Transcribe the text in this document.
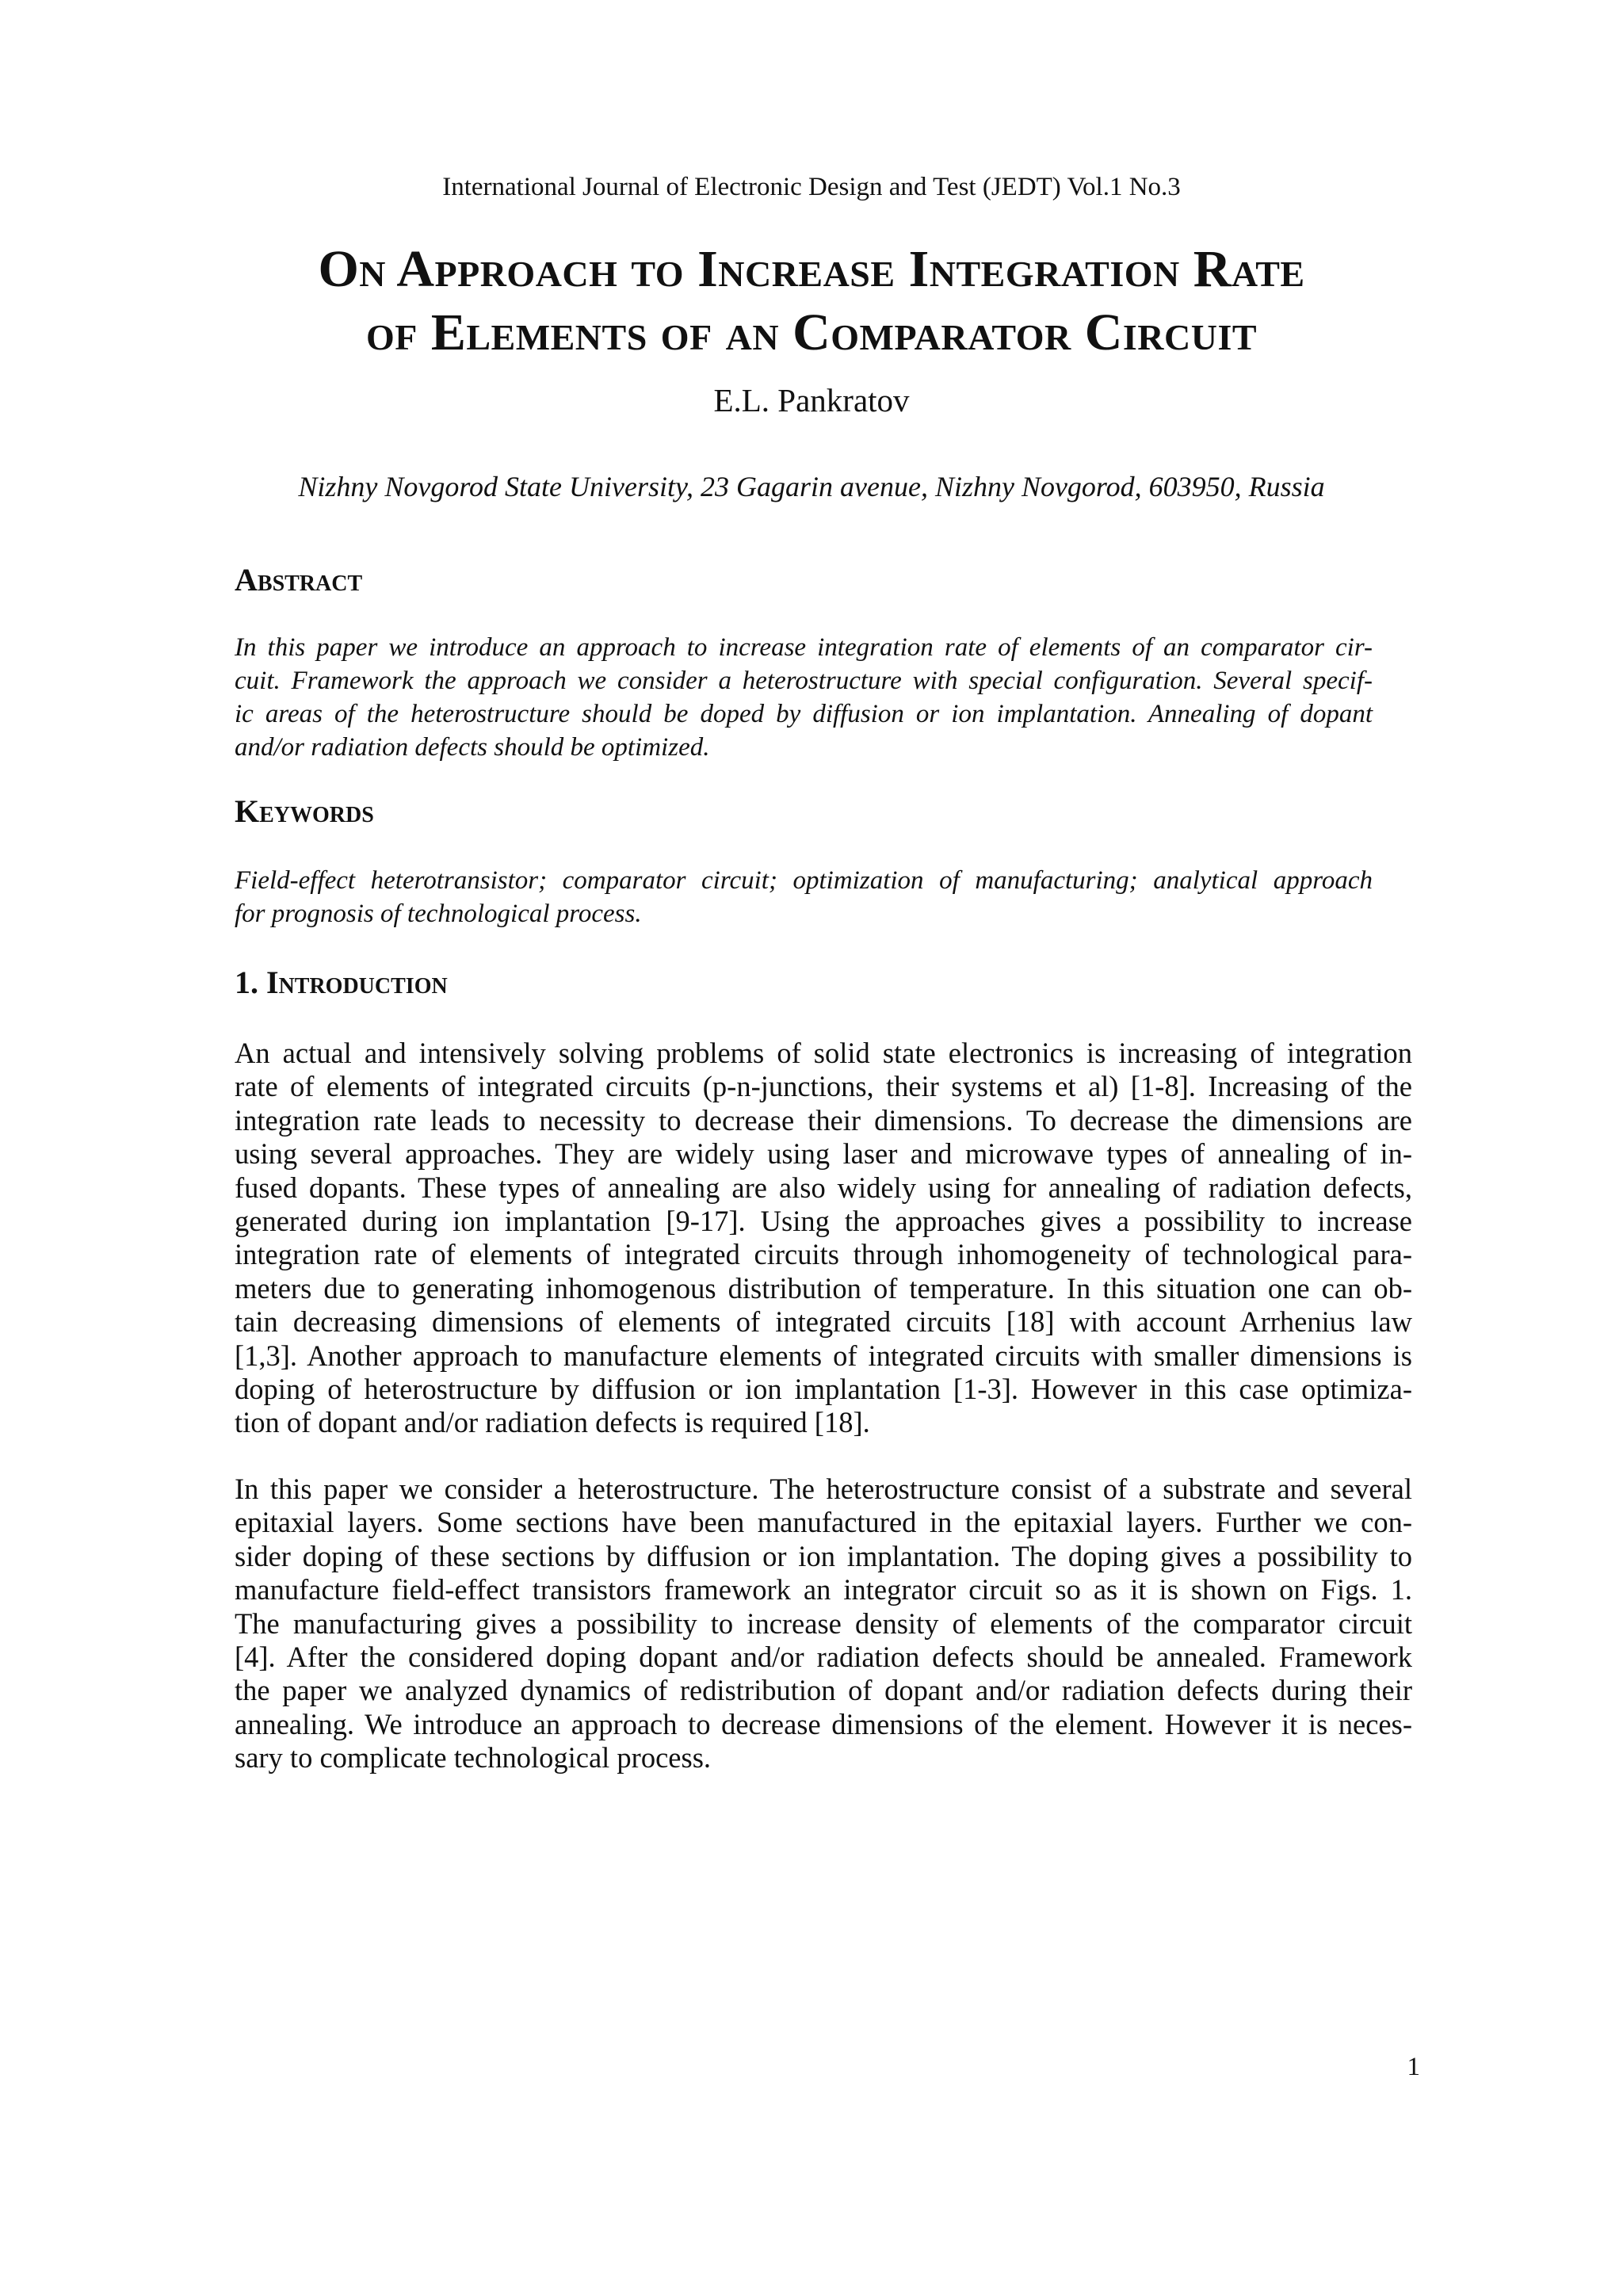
International Journal of Electronic Design and Test (JEDT) Vol.1 No.3
On Approach to Increase Integration Rate
of Elements of an Comparator Circuit
E.L. Pankratov
Nizhny Novgorod State University, 23 Gagarin avenue, Nizhny Novgorod, 603950, Russia
Abstract
In this paper we introduce an approach to increase integration rate of elements of an comparator cir-
cuit. Framework the approach we consider a heterostructure with special configuration. Several specif-
ic areas of the heterostructure should be doped by diffusion or ion implantation. Annealing of dopant
and/or radiation defects should be optimized.
Keywords
Field-effect heterotransistor; comparator circuit; optimization of manufacturing; analytical approach
for prognosis of technological process.
1. Introduction
An actual and intensively solving problems of solid state electronics is increasing of integration
rate of elements of integrated circuits (p-n-junctions, their systems et al) [1-8]. Increasing of the
integration rate leads to necessity to decrease their dimensions. To decrease the dimensions are
using several approaches. They are widely using laser and microwave types of annealing of in-
fused dopants. These types of annealing are also widely using for annealing of radiation defects,
generated during ion implantation [9-17]. Using the approaches gives a possibility to increase
integration rate of elements of integrated circuits through inhomogeneity of technological para-
meters due to generating inhomogenous distribution of temperature. In this situation one can ob-
tain decreasing dimensions of elements of integrated circuits [18] with account Arrhenius law
[1,3]. Another approach to manufacture elements of integrated circuits with smaller dimensions is
doping of heterostructure by diffusion or ion implantation [1-3]. However in this case optimiza-
tion of dopant and/or radiation defects is required [18].
In this paper we consider a heterostructure. The heterostructure consist of a substrate and several
epitaxial layers. Some sections have been manufactured in the epitaxial layers. Further we con-
sider doping of these sections by diffusion or ion implantation. The doping gives a possibility to
manufacture field-effect transistors framework an integrator circuit so as it is shown on Figs. 1.
The manufacturing gives a possibility to increase density of elements of the comparator circuit
[4]. After the considered doping dopant and/or radiation defects should be annealed. Framework
the paper we analyzed dynamics of redistribution of dopant and/or radiation defects during their
annealing. We introduce an approach to decrease dimensions of the element. However it is neces-
sary to complicate technological process.
1
